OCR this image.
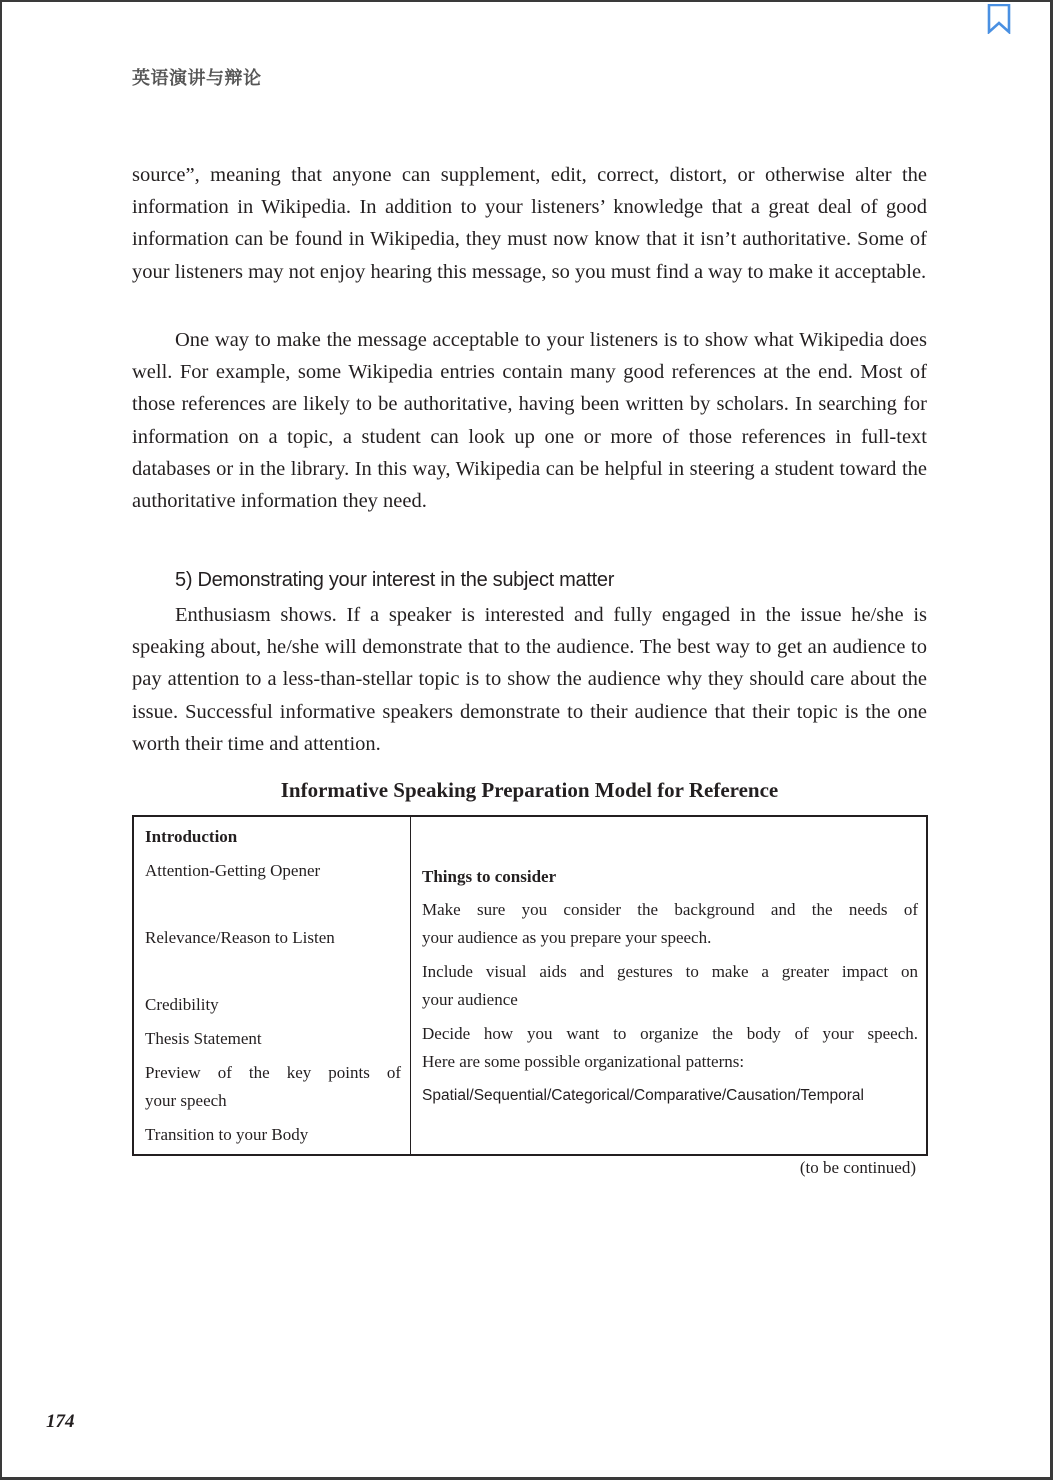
英语演讲与辩论

source”, meaning that anyone can supplement, edit, correct, distort, or otherwise alter the information in Wikipedia. In addition to your listeners’ knowledge that a great deal of good information can be found in Wikipedia, they must now know that it isn’t authoritative. Some of your listeners may not enjoy hearing this message, so you must find a way to make it acceptable.

One way to make the message acceptable to your listeners is to show what Wikipedia does well. For example, some Wikipedia entries contain many good references at the end. Most of those references are likely to be authoritative, having been written by scholars. In searching for information on a topic, a student can look up one or more of those references in full-text databases or in the library. In this way, Wikipedia can be helpful in steering a student toward the authoritative information they need.

5) Demonstrating your interest in the subject matter

Enthusiasm shows. If a speaker is interested and fully engaged in the issue he/she is speaking about, he/she will demonstrate that to the audience. The best way to get an audience to pay attention to a less-than-stellar topic is to show the audience why they should care about the issue. Successful informative speakers demonstrate to their audience that their topic is the one worth their time and attention.

Informative Speaking Preparation Model for Reference
Introduction
Attention-Getting Opener
Relevance/Reason to Listen
Credibility
Thesis Statement
Preview of the key points of
your speech
Transition to your Body
Things to consider
Make sure you consider the background and the needs of
your audience as you prepare your speech.
Include visual aids and gestures to make a greater impact on
your audience
Decide how you want to organize the body of your speech.
Here are some possible organizational patterns:
Spatial/Sequential/Categorical/Comparative/Causation/Temporal
(to be continued)
174
